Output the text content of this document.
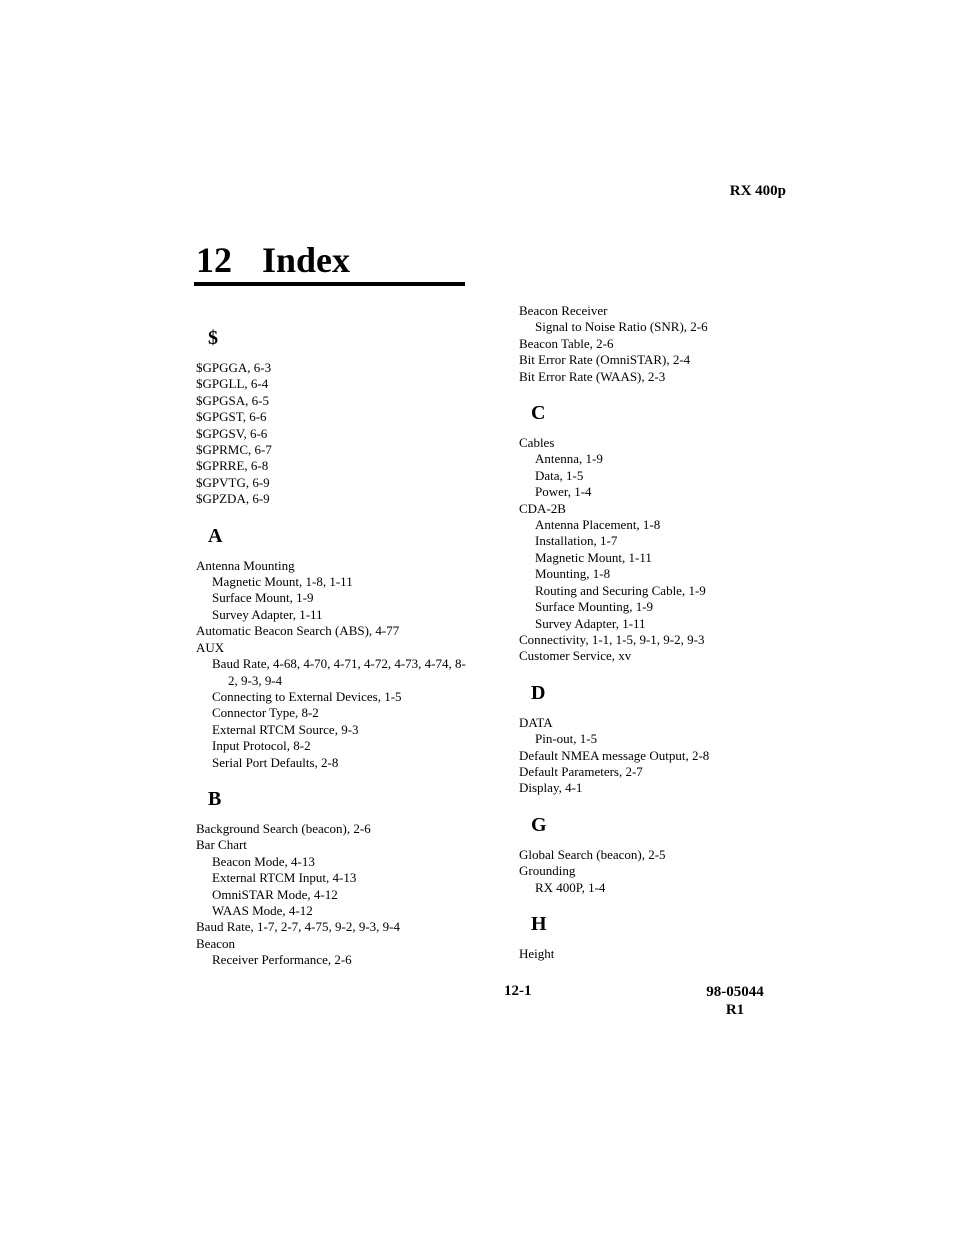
RX 400p
12 Index
$
$GPGGA, 6-3
$GPGLL, 6-4
$GPGSA, 6-5
$GPGST, 6-6
$GPGSV, 6-6
$GPRMC, 6-7
$GPRRE, 6-8
$GPVTG, 6-9
$GPZDA, 6-9
A
Antenna Mounting
Magnetic Mount, 1-8, 1-11
Surface Mount, 1-9
Survey Adapter, 1-11
Automatic Beacon Search (ABS), 4-77
AUX
Baud Rate, 4-68, 4-70, 4-71, 4-72, 4-73, 4-74, 8-2, 9-3, 9-4
Connecting to External Devices, 1-5
Connector Type, 8-2
External RTCM Source, 9-3
Input Protocol, 8-2
Serial Port Defaults, 2-8
B
Background Search (beacon), 2-6
Bar Chart
Beacon Mode, 4-13
External RTCM Input, 4-13
OmniSTAR Mode, 4-12
WAAS Mode, 4-12
Baud Rate, 1-7, 2-7, 4-75, 9-2, 9-3, 9-4
Beacon
Receiver Performance, 2-6
Beacon Receiver
Signal to Noise Ratio (SNR), 2-6
Beacon Table, 2-6
Bit Error Rate (OmniSTAR), 2-4
Bit Error Rate (WAAS), 2-3
C
Cables
Antenna, 1-9
Data, 1-5
Power, 1-4
CDA-2B
Antenna Placement, 1-8
Installation, 1-7
Magnetic Mount, 1-11
Mounting, 1-8
Routing and Securing Cable, 1-9
Surface Mounting, 1-9
Survey Adapter, 1-11
Connectivity, 1-1, 1-5, 9-1, 9-2, 9-3
Customer Service, xv
D
DATA
Pin-out, 1-5
Default NMEA message Output, 2-8
Default Parameters, 2-7
Display, 4-1
G
Global Search (beacon), 2-5
Grounding
RX 400P, 1-4
H
Height
12-1	98-05044
R1
